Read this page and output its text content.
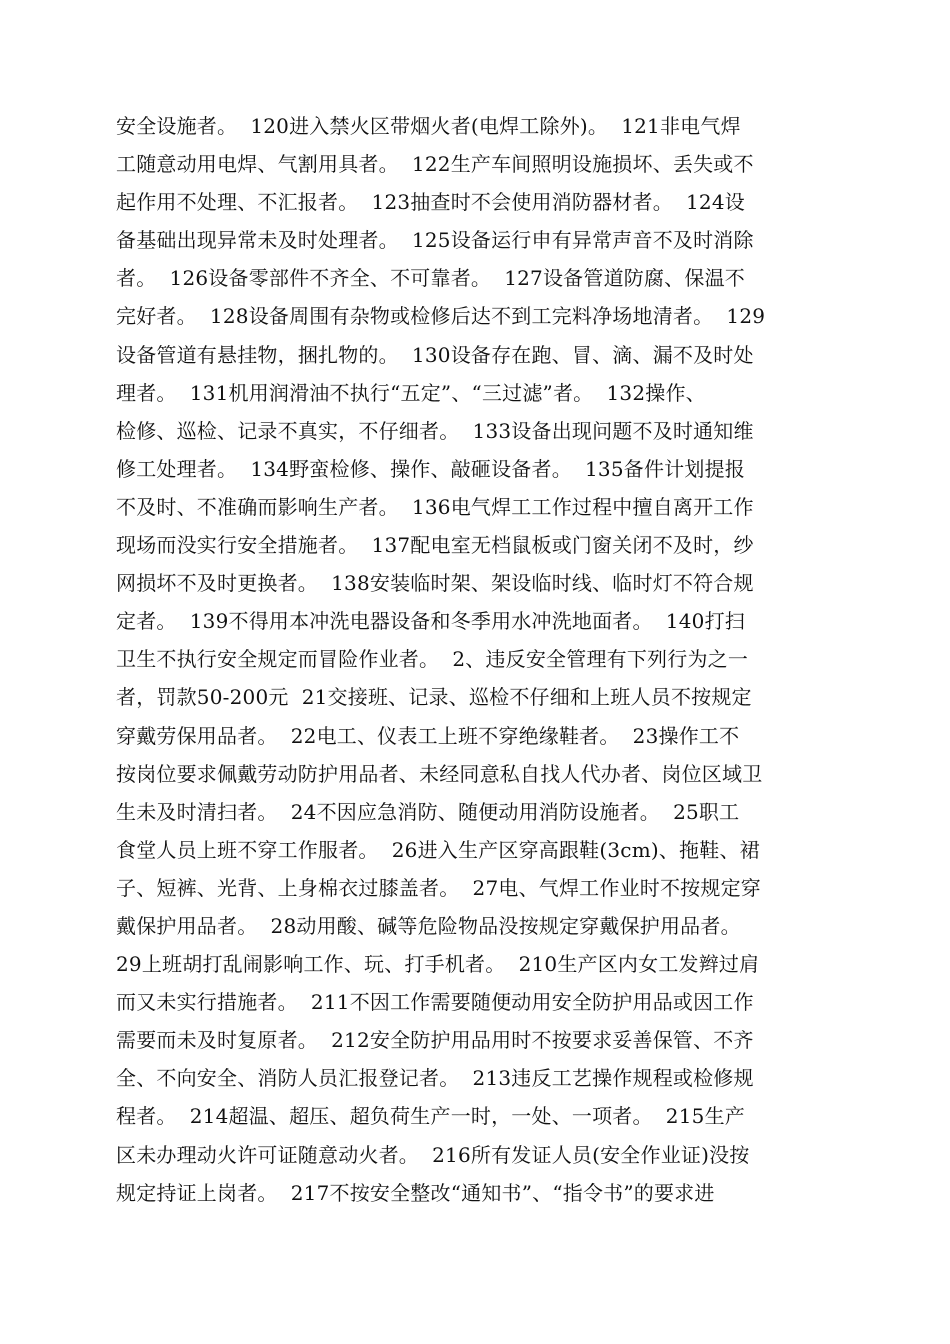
安全设施者。  120进入禁火区带烟火者(电焊工除外)。  121非电气焊
工随意动用电焊、气割用具者。  122生产车间照明设施损坏、丢失或不
起作用不处理、不汇报者。  123抽查时不会使用消防器材者。  124设
备基础出现异常未及时处理者。  125设备运行申有异常声音不及时消除
者。  126设备零部件不齐全、不可靠者。  127设备管道防腐、保温不
完好者。  128设备周围有杂物或检修后达不到工完料净场地清者。  129
设备管道有悬挂物，捆扎物的。  130设备存在跑、冒、滴、漏不及时处
理者。  131机用润滑油不执行“五定”、“三过滤”者。  132操作、
检修、巡检、记录不真实，不仔细者。  133设备出现问题不及时通知维
修工处理者。  134野蛮检修、操作、敲砸设备者。  135备件计划提报
不及时、不准确而影响生产者。  136电气焊工工作过程中擅自离开工作
现场而没实行安全措施者。  137配电室无档鼠板或门窗关闭不及时，纱
网损坏不及时更换者。  138安装临时架、架设临时线、临时灯不符合规
定者。  139不得用本冲洗电器设备和冬季用水冲洗地面者。  140打扫
卫生不执行安全规定而冒险作业者。  2、违反安全管理有下列行为之一
者，罚款50-200元  21交接班、记录、巡检不仔细和上班人员不按规定
穿戴劳保用品者。  22电工、仪表工上班不穿绝缘鞋者。  23操作工不
按岗位要求佩戴劳动防护用品者、未经同意私自找人代办者、岗位区域卫
生未及时清扫者。  24不因应急消防、随便动用消防设施者。  25职工
食堂人员上班不穿工作服者。  26进入生产区穿高跟鞋(3cm)、拖鞋、裙
子、短裤、光背、上身棉衣过膝盖者。  27电、气焊工作业时不按规定穿
戴保护用品者。  28动用酸、碱等危险物品没按规定穿戴保护用品者。
29上班胡打乱闹影响工作、玩、打手机者。  210生产区内女工发辫过肩
而又未实行措施者。  211不因工作需要随便动用安全防护用品或因工作
需要而未及时复原者。  212安全防护用品用时不按要求妥善保管、不齐
全、不向安全、消防人员汇报登记者。  213违反工艺操作规程或检修规
程者。  214超温、超压、超负荷生产一时，一处、一项者。  215生产
区未办理动火许可证随意动火者。  216所有发证人员(安全作业证)没按
规定持证上岗者。  217不按安全整改“通知书”、“指令书”的要求进
